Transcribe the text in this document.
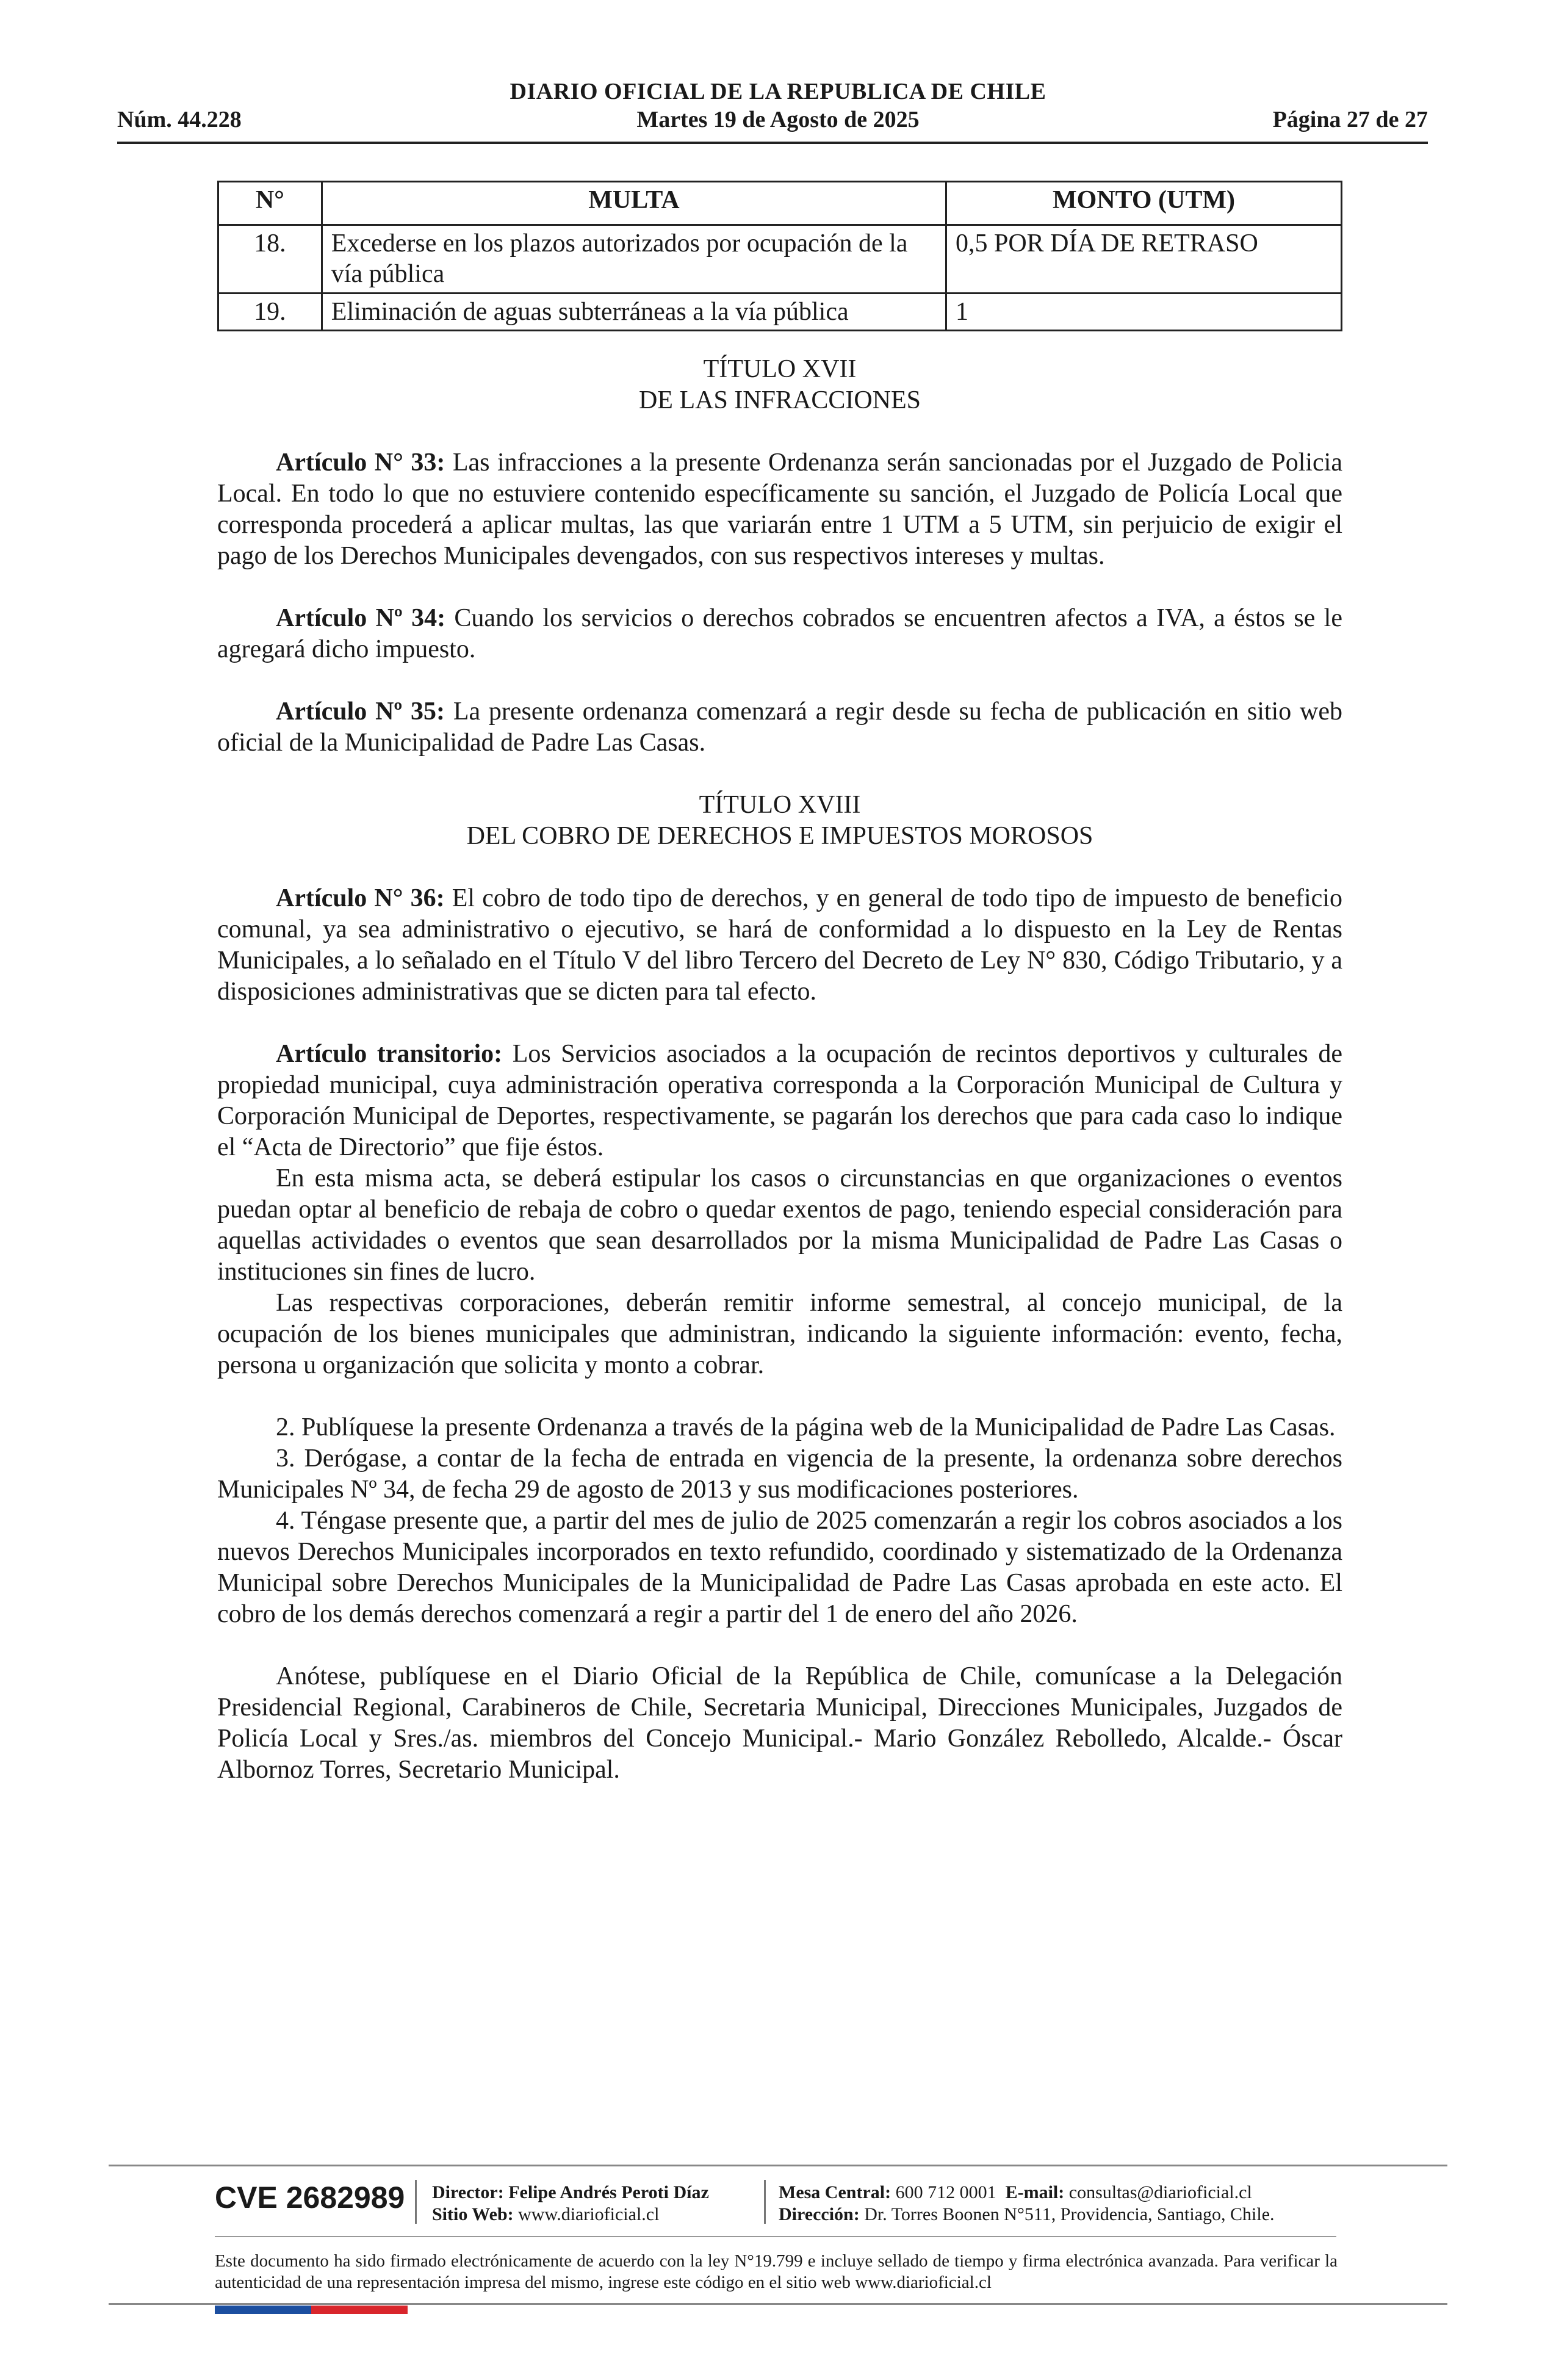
DIARIO OFICIAL DE LA REPUBLICA DE CHILE
Núm. 44.228	Martes 19 de Agosto de 2025	Página 27 de 27
N°	MULTA	MONTO (UTM)
18.	Excederse en los plazos autorizados por ocupación de la vía pública	0,5 POR DÍA DE RETRASO
19.	Eliminación de aguas subterráneas a la vía pública	1

TÍTULO XVII

DE LAS INFRACCIONES

Artículo N° 33: Las infracciones a la presente Ordenanza serán sancionadas por el Juzgado de Policia Local. En todo lo que no estuviere contenido específicamente su sanción, el Juzgado de Policía Local que corresponda procederá a aplicar multas, las que variarán entre 1 UTM a 5 UTM, sin perjuicio de exigir el pago de los Derechos Municipales devengados, con sus respectivos intereses y multas.

Artículo Nº 34: Cuando los servicios o derechos cobrados se encuentren afectos a IVA, a éstos se le agregará dicho impuesto.

Artículo Nº 35: La presente ordenanza comenzará a regir desde su fecha de publicación en sitio web oficial de la Municipalidad de Padre Las Casas.

TÍTULO XVIII

DEL COBRO DE DERECHOS E IMPUESTOS MOROSOS

Artículo N° 36: El cobro de todo tipo de derechos, y en general de todo tipo de impuesto de beneficio comunal, ya sea administrativo o ejecutivo, se hará de conformidad a lo dispuesto en la Ley de Rentas Municipales, a lo señalado en el Título V del libro Tercero del Decreto de Ley N° 830, Código Tributario, y a disposiciones administrativas que se dicten para tal efecto.

Artículo transitorio: Los Servicios asociados a la ocupación de recintos deportivos y culturales de propiedad municipal, cuya administración operativa corresponda a la Corporación Municipal de Cultura y Corporación Municipal de Deportes, respectivamente, se pagarán los derechos que para cada caso lo indique el “Acta de Directorio” que fije éstos.

En esta misma acta, se deberá estipular los casos o circunstancias en que organizaciones o eventos puedan optar al beneficio de rebaja de cobro o quedar exentos de pago, teniendo especial consideración para aquellas actividades o eventos que sean desarrollados por la misma Municipalidad de Padre Las Casas o instituciones sin fines de lucro.

Las respectivas corporaciones, deberán remitir informe semestral, al concejo municipal, de la ocupación de los bienes municipales que administran, indicando la siguiente información: evento, fecha, persona u organización que solicita y monto a cobrar.

2. Publíquese la presente Ordenanza a través de la página web de la Municipalidad de Padre Las Casas.

3. Derógase, a contar de la fecha de entrada en vigencia de la presente, la ordenanza sobre derechos Municipales Nº 34, de fecha 29 de agosto de 2013 y sus modificaciones posteriores.

4. Téngase presente que, a partir del mes de julio de 2025 comenzarán a regir los cobros asociados a los nuevos Derechos Municipales incorporados en texto refundido, coordinado y sistematizado de la Ordenanza Municipal sobre Derechos Municipales de la Municipalidad de Padre Las Casas aprobada en este acto. El cobro de los demás derechos comenzará a regir a partir del 1 de enero del año 2026.

Anótese, publíquese en el Diario Oficial de la República de Chile, comunícase a la Delegación Presidencial Regional, Carabineros de Chile, Secretaria Municipal, Direcciones Municipales, Juzgados de Policía Local y Sres./as. miembros del Concejo Municipal.- Mario González Rebolledo, Alcalde.- Óscar Albornoz Torres, Secretario Municipal.

CVE 2682989 Director: Felipe Andrés Peroti Díaz
Sitio Web: www.diarioficial.cl
Mesa Central: 600 712 0001 E-mail: consultas@diarioficial.cl
Dirección: Dr. Torres Boonen N°511, Providencia, Santiago, Chile.
Este documento ha sido firmado electrónicamente de acuerdo con la ley N°19.799 e incluye sellado de tiempo y firma electrónica avanzada. Para verificar la autenticidad de una representación impresa del mismo, ingrese este código en el sitio web www.diarioficial.cl
